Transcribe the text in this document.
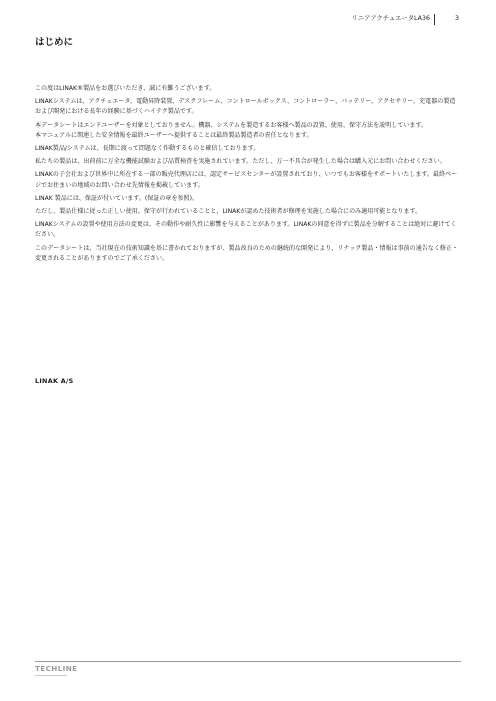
リニアアクチュエータLA36	3
はじめに

この度はLINAK®製品をお選びいただき、誠に有難うございます。

LINAKシステムは、アクチュエータ、電動昇降装置、デスクフレーム、コントロールボックス、コントローラー、バッテリー、アクセサリー、充電器の製造および開発における長年の経験に基づくハイテク製品です。

本データシートはエンドユーザーを対象としておりません。機器、システムを製造するお客様へ製品の設置、使用、保守方法を説明しています。
本マニュアルに関連した安全情報を最終ユーザーへ提供することは最終製品製造者の責任となります。

LINAK製品/システムは、長期に渡って問題なく作動するものと確信しております。

私たちの製品は、出荷前に万全な機能試験および品質検査を実施されています。ただし、万一不具合が発生した場合は購入元にお問い合わせください。

LINAKの子会社および世界中に所在する一部の販売代理店には、認定サービスセンターが設置されており、いつでもお客様をサポートいたします。最終ページでお住まいの地域のお問い合わせ先情報を掲載しています。

LINAK 製品には、保証が付いています。(保証の章を参照)。

ただし、製品仕様に従った正しい使用、保守が行われていることと、LINAKが認めた技術者が修理を実施した場合にのみ適用可能となります。

LINAKシステムの設置や使用方法の変更は、その動作や耐久性に影響を与えることがあります。LINAKの同意を得ずに製品を分解することは絶対に避けてください。

このデータシートは、当社現在の技術知識を基に書かれておりますが、製品改良のための継続的な開発により、リナック製品・情報は事前の通告なく修正・変更されることがありますのでご了承ください。

LINAK A/S
TECHLINE
